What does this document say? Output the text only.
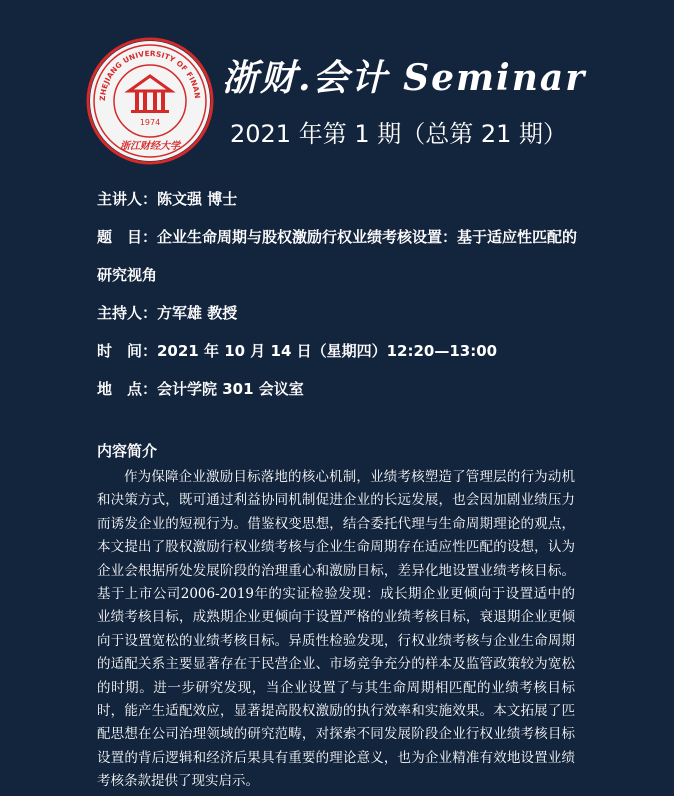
ZHEJIANG UNIVERSITY OF FINAN
1974
浙江财经大学
浙财.会计 Seminar
2021 年第 1 期（总第 21 期）
主讲人：陈文强 博士
题　目：企业生命周期与股权激励行权业绩考核设置：基于适应性匹配的研究视角
主持人：方军雄 教授
时　间：2021 年 10 月 14 日（星期四）12:20—13:00
地　点：会计学院 301 会议室
内容简介
作为保障企业激励目标落地的核心机制，业绩考核塑造了管理层的行为动机和决策方式，既可通过利益协同机制促进企业的长远发展，也会因加剧业绩压力而诱发企业的短视行为。借鉴权变思想，结合委托代理与生命周期理论的观点，本文提出了股权激励行权业绩考核与企业生命周期存在适应性匹配的设想，认为企业会根据所处发展阶段的治理重心和激励目标，差异化地设置业绩考核目标。基于上市公司2006-2019年的实证检验发现：成长期企业更倾向于设置适中的业绩考核目标，成熟期企业更倾向于设置严格的业绩考核目标，衰退期企业更倾向于设置宽松的业绩考核目标。异质性检验发现，行权业绩考核与企业生命周期的适配关系主要显著存在于民营企业、市场竞争充分的样本及监管政策较为宽松的时期。进一步研究发现，当企业设置了与其生命周期相匹配的业绩考核目标时，能产生适配效应，显著提高股权激励的执行效率和实施效果。本文拓展了匹配思想在公司治理领域的研究范畴，对探索不同发展阶段企业行权业绩考核目标设置的背后逻辑和经济后果具有重要的理论意义，也为企业精准有效地设置业绩考核条款提供了现实启示。
